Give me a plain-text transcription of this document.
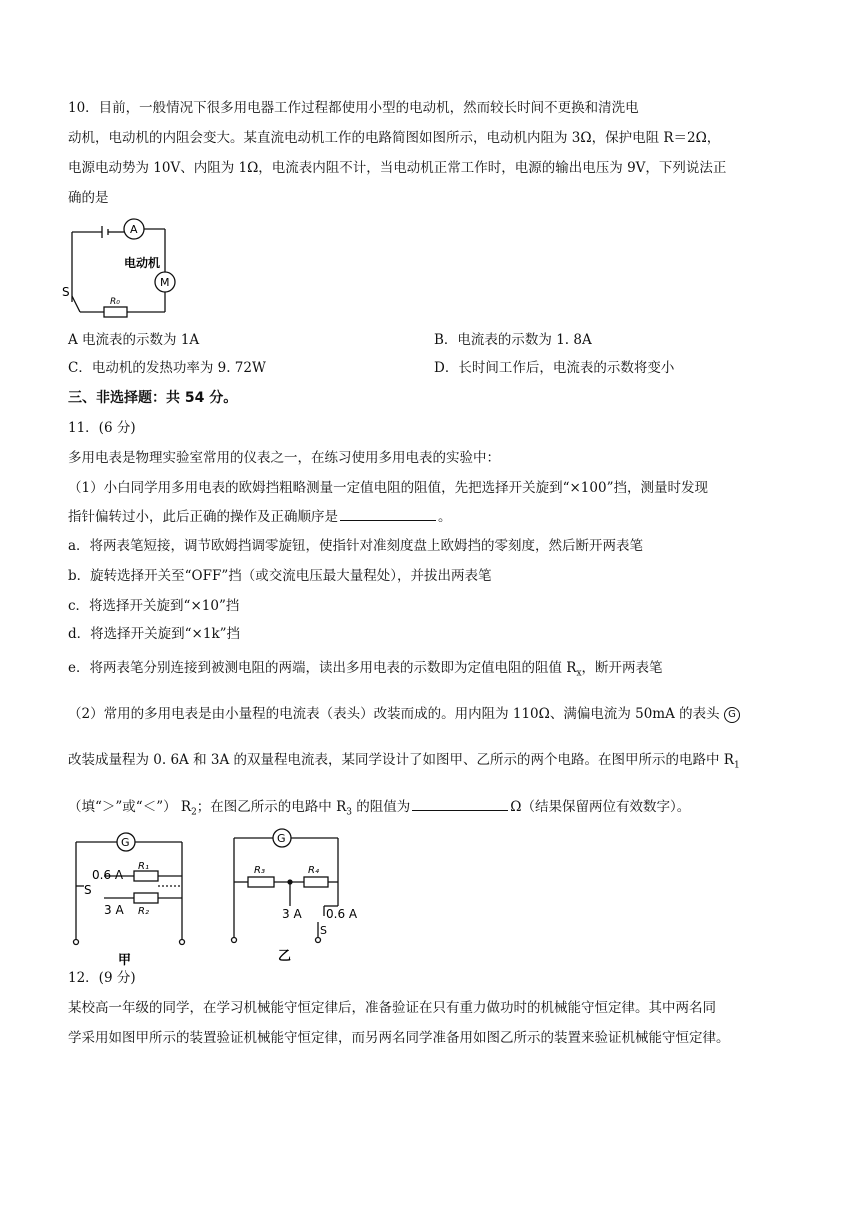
10．目前，一般情况下很多用电器工作过程都使用小型的电动机，然而较长时间不更换和清洗电
动机，电动机的内阻会变大。某直流电动机工作的电路简图如图所示，电动机内阻为 3Ω，保护电阻 R＝2Ω，
电源电动势为 10V、内阻为 1Ω，电流表内阻不计，当电动机正常工作时，电源的输出电压为 9V，下列说法正
确的是
A
电动机
M
S
R₀
A 电流表的示数为 1A	B．电流表的示数为 1. 8A
C．电动机的发热功率为 9. 72W	D．长时间工作后，电流表的示数将变小
三、非选择题：共 54 分。
11．(6 分)
多用电表是物理实验室常用的仪表之一，在练习使用多用电表的实验中：
（1）小白同学用多用电表的欧姆挡粗略测量一定值电阻的阻值，先把选择开关旋到“×100”挡，测量时发现
指针偏转过小，此后正确的操作及正确顺序是	。
a．将两表笔短接，调节欧姆挡调零旋钮，使指针对准刻度盘上欧姆挡的零刻度，然后断开两表笔
b．旋转选择开关至“OFF”挡（或交流电压最大量程处），并拔出两表笔
c．将选择开关旋到“×10”挡
d．将选择开关旋到“×1k”挡
e．将两表笔分别连接到被测电阻的两端，读出多用电表的示数即为定值电阻的阻值 $R_x$，断开两表笔
（2）常用的多用电表是由小量程的电流表（表头）改装而成的。用内阻为 110Ω、满偏电流为 50mA 的表头 G
改装成量程为 0. 6A 和 3A 的双量程电流表，某同学设计了如图甲、乙所示的两个电路。在图甲所示的电路中 $R_1$
（填“＞”或“＜”） $R_2$；在图乙所示的电路中 $R_3$ 的阻值为	Ω（结果保留两位有效数字）。
G
0.6 A
R₁
S
3 A R₂
甲
G
R₃	R₄
3 A 0.6 A
S
乙
12．(9 分)
某校高一年级的同学，在学习机械能守恒定律后，准备验证在只有重力做功时的机械能守恒定律。其中两名同
学采用如图甲所示的装置验证机械能守恒定律，而另两名同学准备用如图乙所示的装置来验证机械能守恒定律。
